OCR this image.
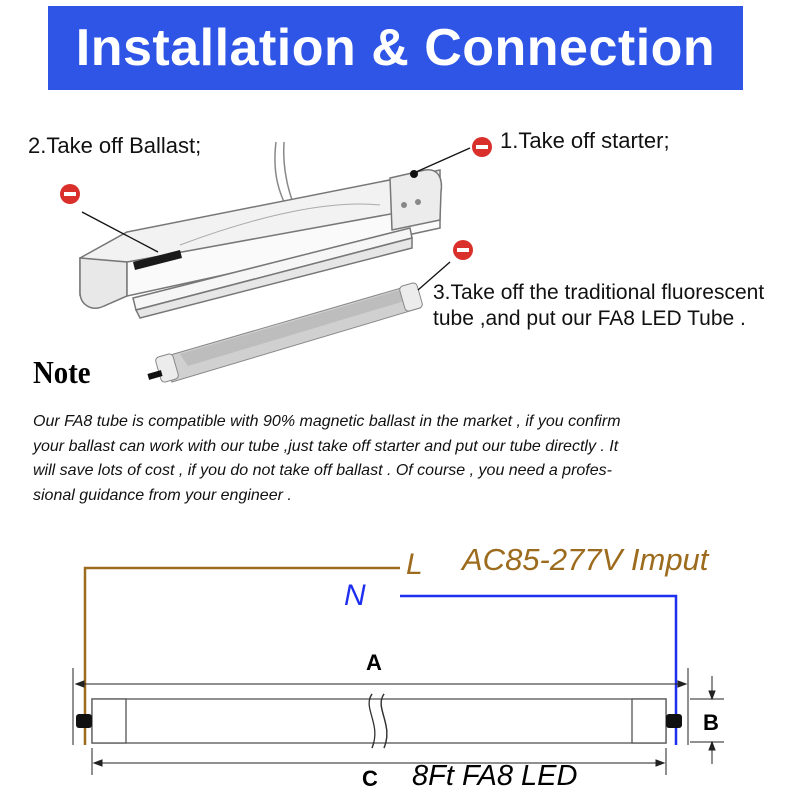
Installation & Connection
2.Take off Ballast;	1.Take off starter;
3.Take off the traditional fluorescent
tube ,and put our FA8 LED Tube .
Note

Our FA8 tube is compatible with 90% magnetic ballast in the market , if you confirm

your ballast can work with our tube ,just take off starter and put our tube directly . It

will save lots of cost , if you do not take off ballast . Of course , you need a profes-

sional guidance from your engineer .

L AC85-277V Imput
N
A
B
C 8Ft FA8 LED
